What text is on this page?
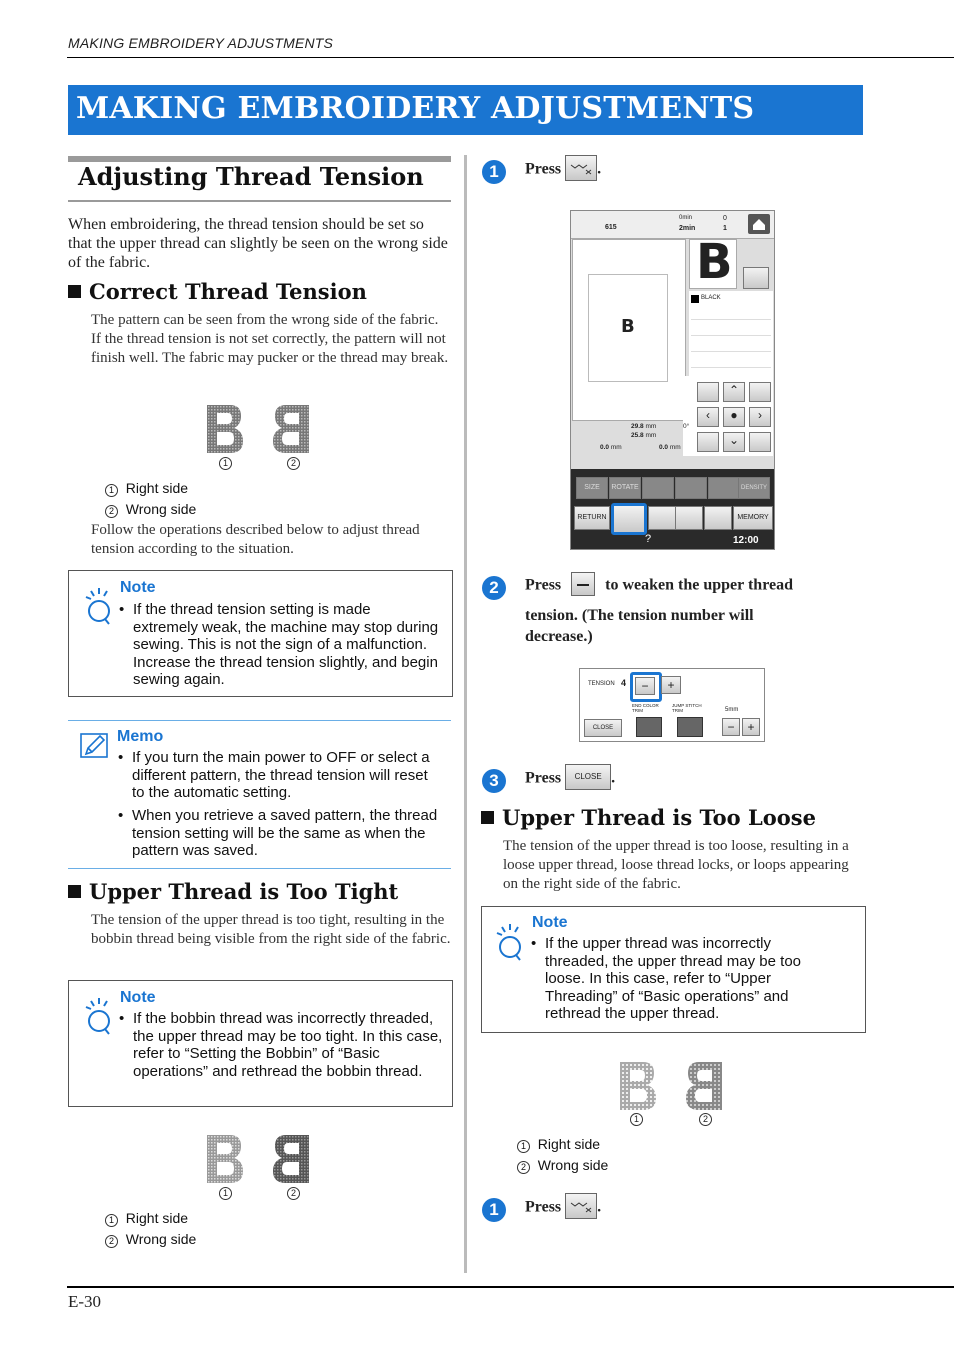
MAKING EMBROIDERY ADJUSTMENTS
MAKING EMBROIDERY ADJUSTMENTS
Adjusting Thread Tension
When embroidering, the thread tension should be set so that the upper thread can slightly be seen on the wrong side of the fabric.
Correct Thread Tension
The pattern can be seen from the wrong side of the fabric. If the thread tension is not set correctly, the pattern will not finish well. The fabric may pucker or the thread may break.
1	2
1 Right side
2 Wrong side
Follow the operations described below to adjust thread tension according to the situation.
Note
• If the thread tension setting is made extremely weak, the machine may stop during sewing. This is not the sign of a malfunction. Increase the thread tension slightly, and begin sewing again.
Memo
• If you turn the main power to OFF or select a different pattern, the thread tension will reset to the automatic setting.
• When you retrieve a saved pattern, the thread tension setting will be the same as when the pattern was saved.
Upper Thread is Too Tight
The tension of the upper thread is too tight, resulting in the bobbin thread being visible from the right side of the fabric.
Note
• If the bobbin thread was incorrectly threaded, the upper thread may be too tight. In this case, refer to “Setting the Bobbin” of “Basic operations” and rethread the bobbin thread.
1	2
1 Right side
2 Wrong side
1	Press .
615
0min
2min
0
1
B
B
BLACK
⌃
‹	●	›
⌄
29.8 mm
25.8 mm
0°
0.0 mm	0.0 mm
SIZE	ROTATE	DENSITY
RETURN	MEMORY
12:00
?
2	Press	to weaken the upper thread
tension. (The tension number will decrease.)
TENSION 4	−	+
END COLOR TRIM
JUMP STITCH TRIM	5mm
CLOSE	−	+
3	Press CLOSE .
Upper Thread is Too Loose
The tension of the upper thread is too loose, resulting in a loose upper thread, loose thread locks, or loops appearing on the right side of the fabric.
Note
• If the upper thread was incorrectly threaded, the upper thread may be too loose. In this case, refer to “Upper Threading” of “Basic operations” and rethread the upper thread.
1	2
1 Right side
2 Wrong side
1	Press .
E-30
